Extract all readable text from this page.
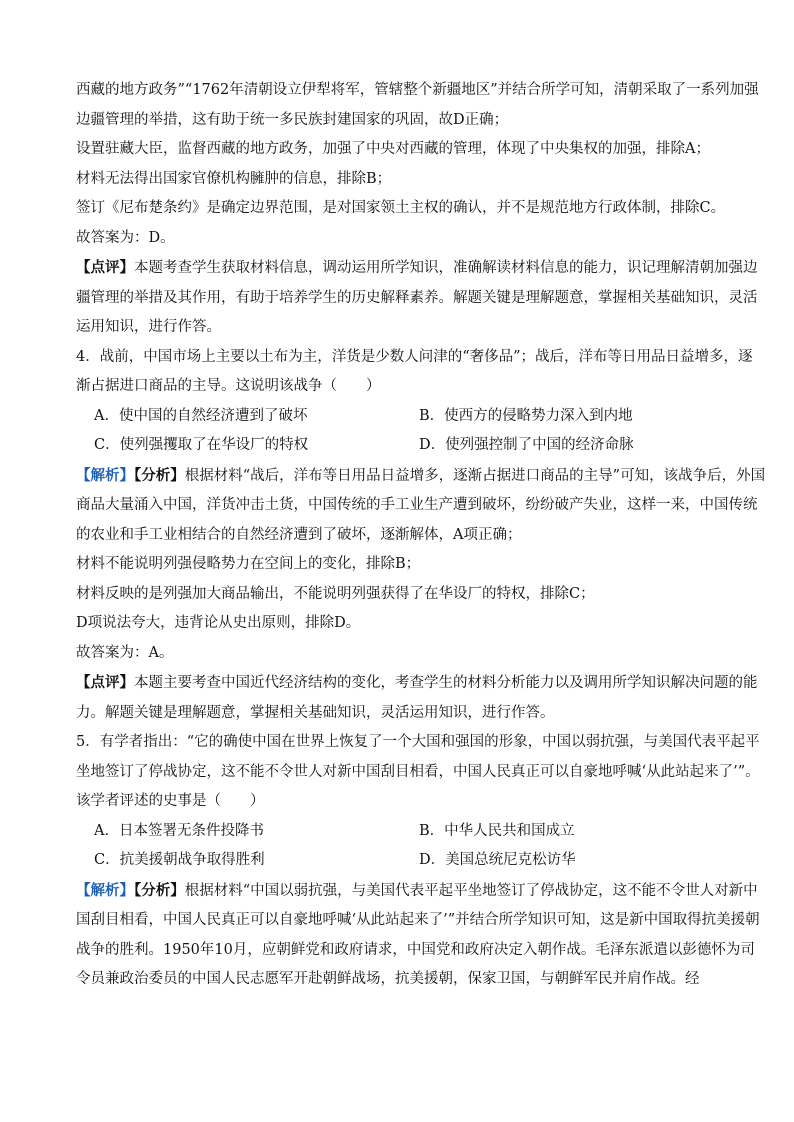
西藏的地方政务”“1762年清朝设立伊犁将军，管辖整个新疆地区”并结合所学可知，清朝采取了一系列加强边疆管理的举措，这有助于统一多民族封建国家的巩固，故D正确；

设置驻藏大臣，监督西藏的地方政务，加强了中央对西藏的管理，体现了中央集权的加强，排除A；

材料无法得出国家官僚机构臃肿的信息，排除B；

签订《尼布楚条约》是确定边界范围，是对国家领土主权的确认，并不是规范地方行政体制，排除C。

故答案为：D。

【点评】本题考查学生获取材料信息，调动运用所学知识，准确解读材料信息的能力，识记理解清朝加强边疆管理的举措及其作用，有助于培养学生的历史解释素养。解题关键是理解题意，掌握相关基础知识，灵活运用知识，进行作答。

4．战前，中国市场上主要以土布为主，洋货是少数人问津的“奢侈品”；战后，洋布等日用品日益增多，逐渐占据进口商品的主导。这说明该战争（　　）

A．使中国的自然经济遭到了破坏	B．使西方的侵略势力深入到内地

C．使列强攫取了在华设厂的特权	D．使列强控制了中国的经济命脉

【解析】【分析】根据材料“战后，洋布等日用品日益增多，逐渐占据进口商品的主导”可知，该战争后，外国商品大量涌入中国，洋货冲击土货，中国传统的手工业生产遭到破坏，纷纷破产失业，这样一来，中国传统的农业和手工业相结合的自然经济遭到了破坏，逐渐解体，A项正确；

材料不能说明列强侵略势力在空间上的变化，排除B；

材料反映的是列强加大商品输出，不能说明列强获得了在华设厂的特权，排除C；

D项说法夸大，违背论从史出原则，排除D。

故答案为：A。

【点评】本题主要考查中国近代经济结构的变化，考查学生的材料分析能力以及调用所学知识解决问题的能力。解题关键是理解题意，掌握相关基础知识，灵活运用知识，进行作答。

5．有学者指出：“它的确使中国在世界上恢复了一个大国和强国的形象，中国以弱抗强，与美国代表平起平坐地签订了停战协定，这不能不令世人对新中国刮目相看，中国人民真正可以自豪地呼喊‘从此站起来了’”。该学者评述的史事是（　　）

A．日本签署无条件投降书	B．中华人民共和国成立

C．抗美援朝战争取得胜利	D．美国总统尼克松访华

【解析】【分析】根据材料“中国以弱抗强，与美国代表平起平坐地签订了停战协定，这不能不令世人对新中国刮目相看，中国人民真正可以自豪地呼喊‘从此站起来了’”并结合所学知识可知，这是新中国取得抗美援朝战争的胜利。1950年10月，应朝鲜党和政府请求，中国党和政府决定入朝作战。毛泽东派遣以彭德怀为司令员兼政治委员的中国人民志愿军开赴朝鲜战场，抗美援朝，保家卫国，与朝鲜军民并肩作战。经
